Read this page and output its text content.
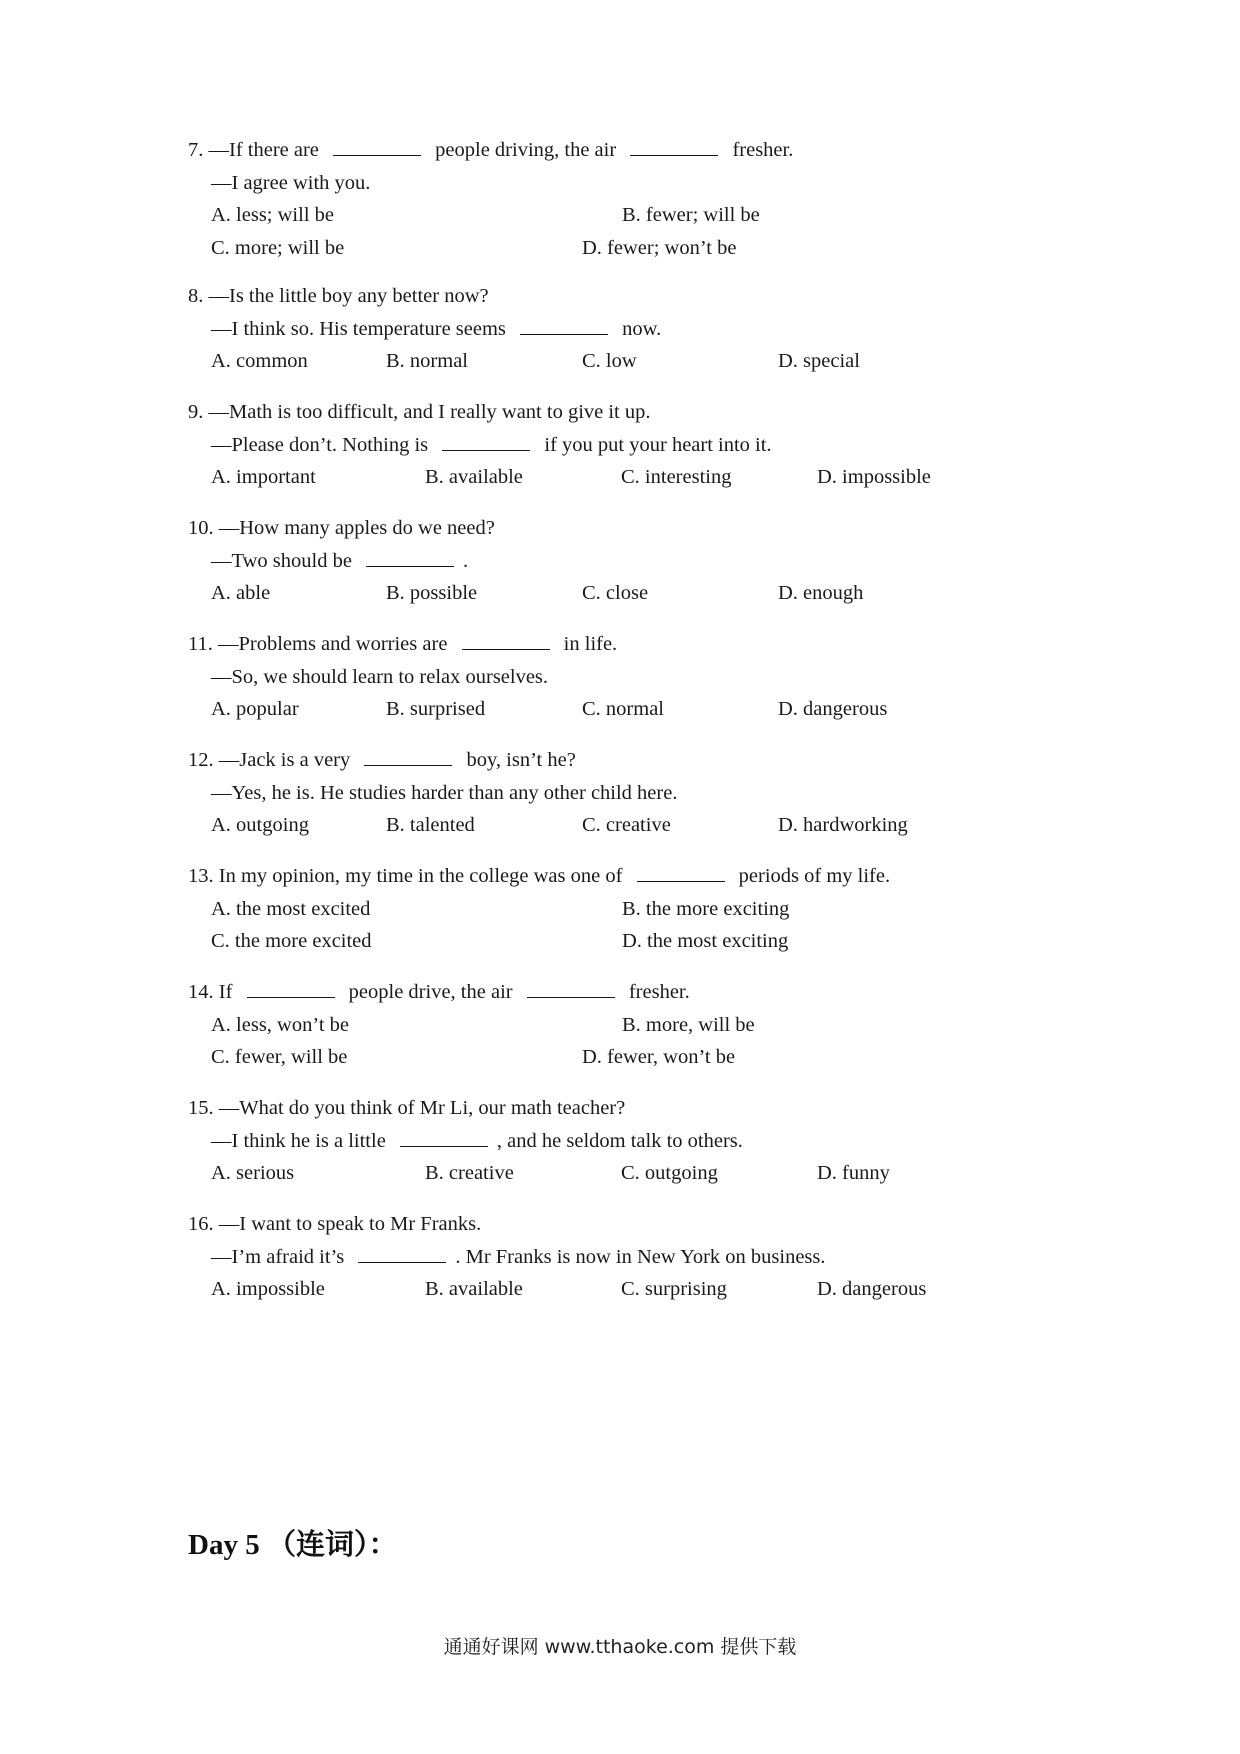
7. —If there are	people driving, the air	fresher.
—I agree with you.
A. less; will be	B. fewer; will be
C. more; will be	D. fewer; won’t be
8. —Is the little boy any better now?
—I think so. His temperature seems	now.
A. common	B. normal	C. low	D. special
9. —Math is too difficult, and I really want to give it up.
—Please don’t. Nothing is	if you put your heart into it.
A. important	B. available	C. interesting	D. impossible
10. —How many apples do we need?
—Two should be	.
A. able	B. possible	C. close	D. enough
11. —Problems and worries are	in life.
—So, we should learn to relax ourselves.
A. popular	B. surprised	C. normal	D. dangerous
12. —Jack is a very	boy, isn’t he?
—Yes, he is. He studies harder than any other child here.
A. outgoing	B. talented	C. creative	D. hardworking
13. In my opinion, my time in the college was one of	periods of my life.
A. the most excited	B. the more exciting
C. the more excited	D. the most exciting
14. If	people drive, the air	fresher.
A. less, won’t be	B. more, will be
C. fewer, will be	D. fewer, won’t be
15. —What do you think of Mr Li, our math teacher?
—I think he is a little	, and he seldom talk to others.
A. serious	B. creative	C. outgoing	D. funny
16. —I want to speak to Mr Franks.
—I’m afraid it’s	. Mr Franks is now in New York on business.
A. impossible	B. available	C. surprising	D. dangerous
Day 5 （连词）：
通通好课网 www.tthaoke.com 提供下载
